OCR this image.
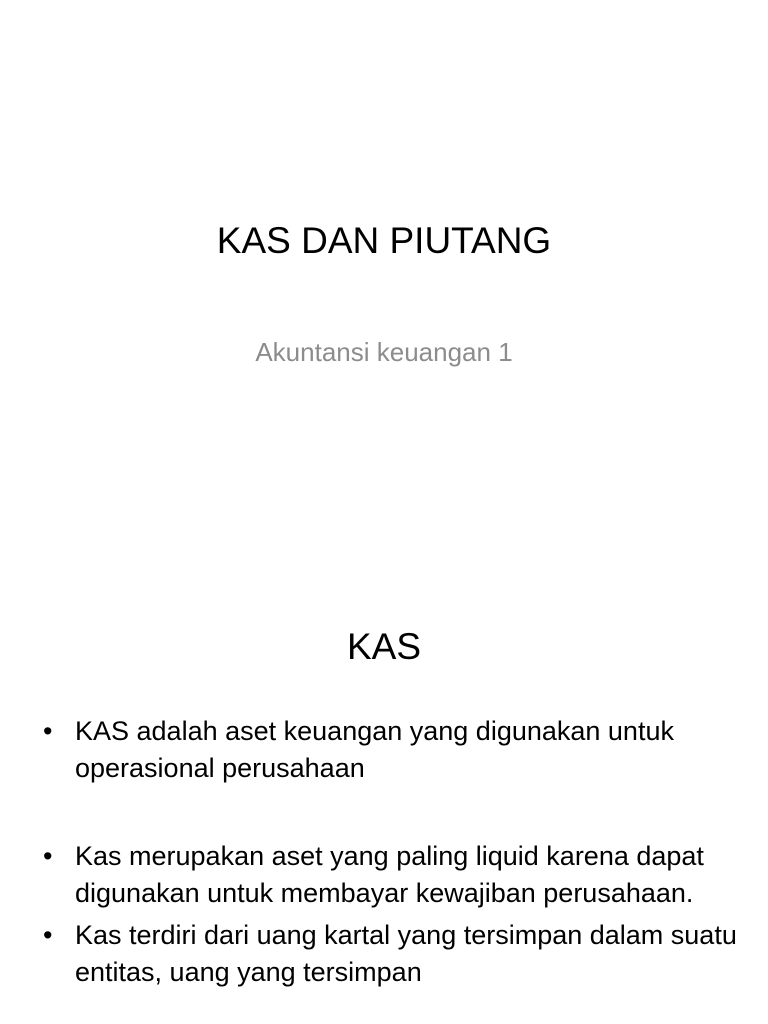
KAS DAN PIUTANG
Akuntansi keuangan 1
KAS
• KAS adalah aset keuangan yang digunakan untuk operasional perusahaan
• Kas merupakan aset yang paling liquid karena dapat digunakan untuk membayar kewajiban perusahaan.
• Kas terdiri dari uang kartal yang tersimpan dalam suatu entitas, uang yang tersimpan
